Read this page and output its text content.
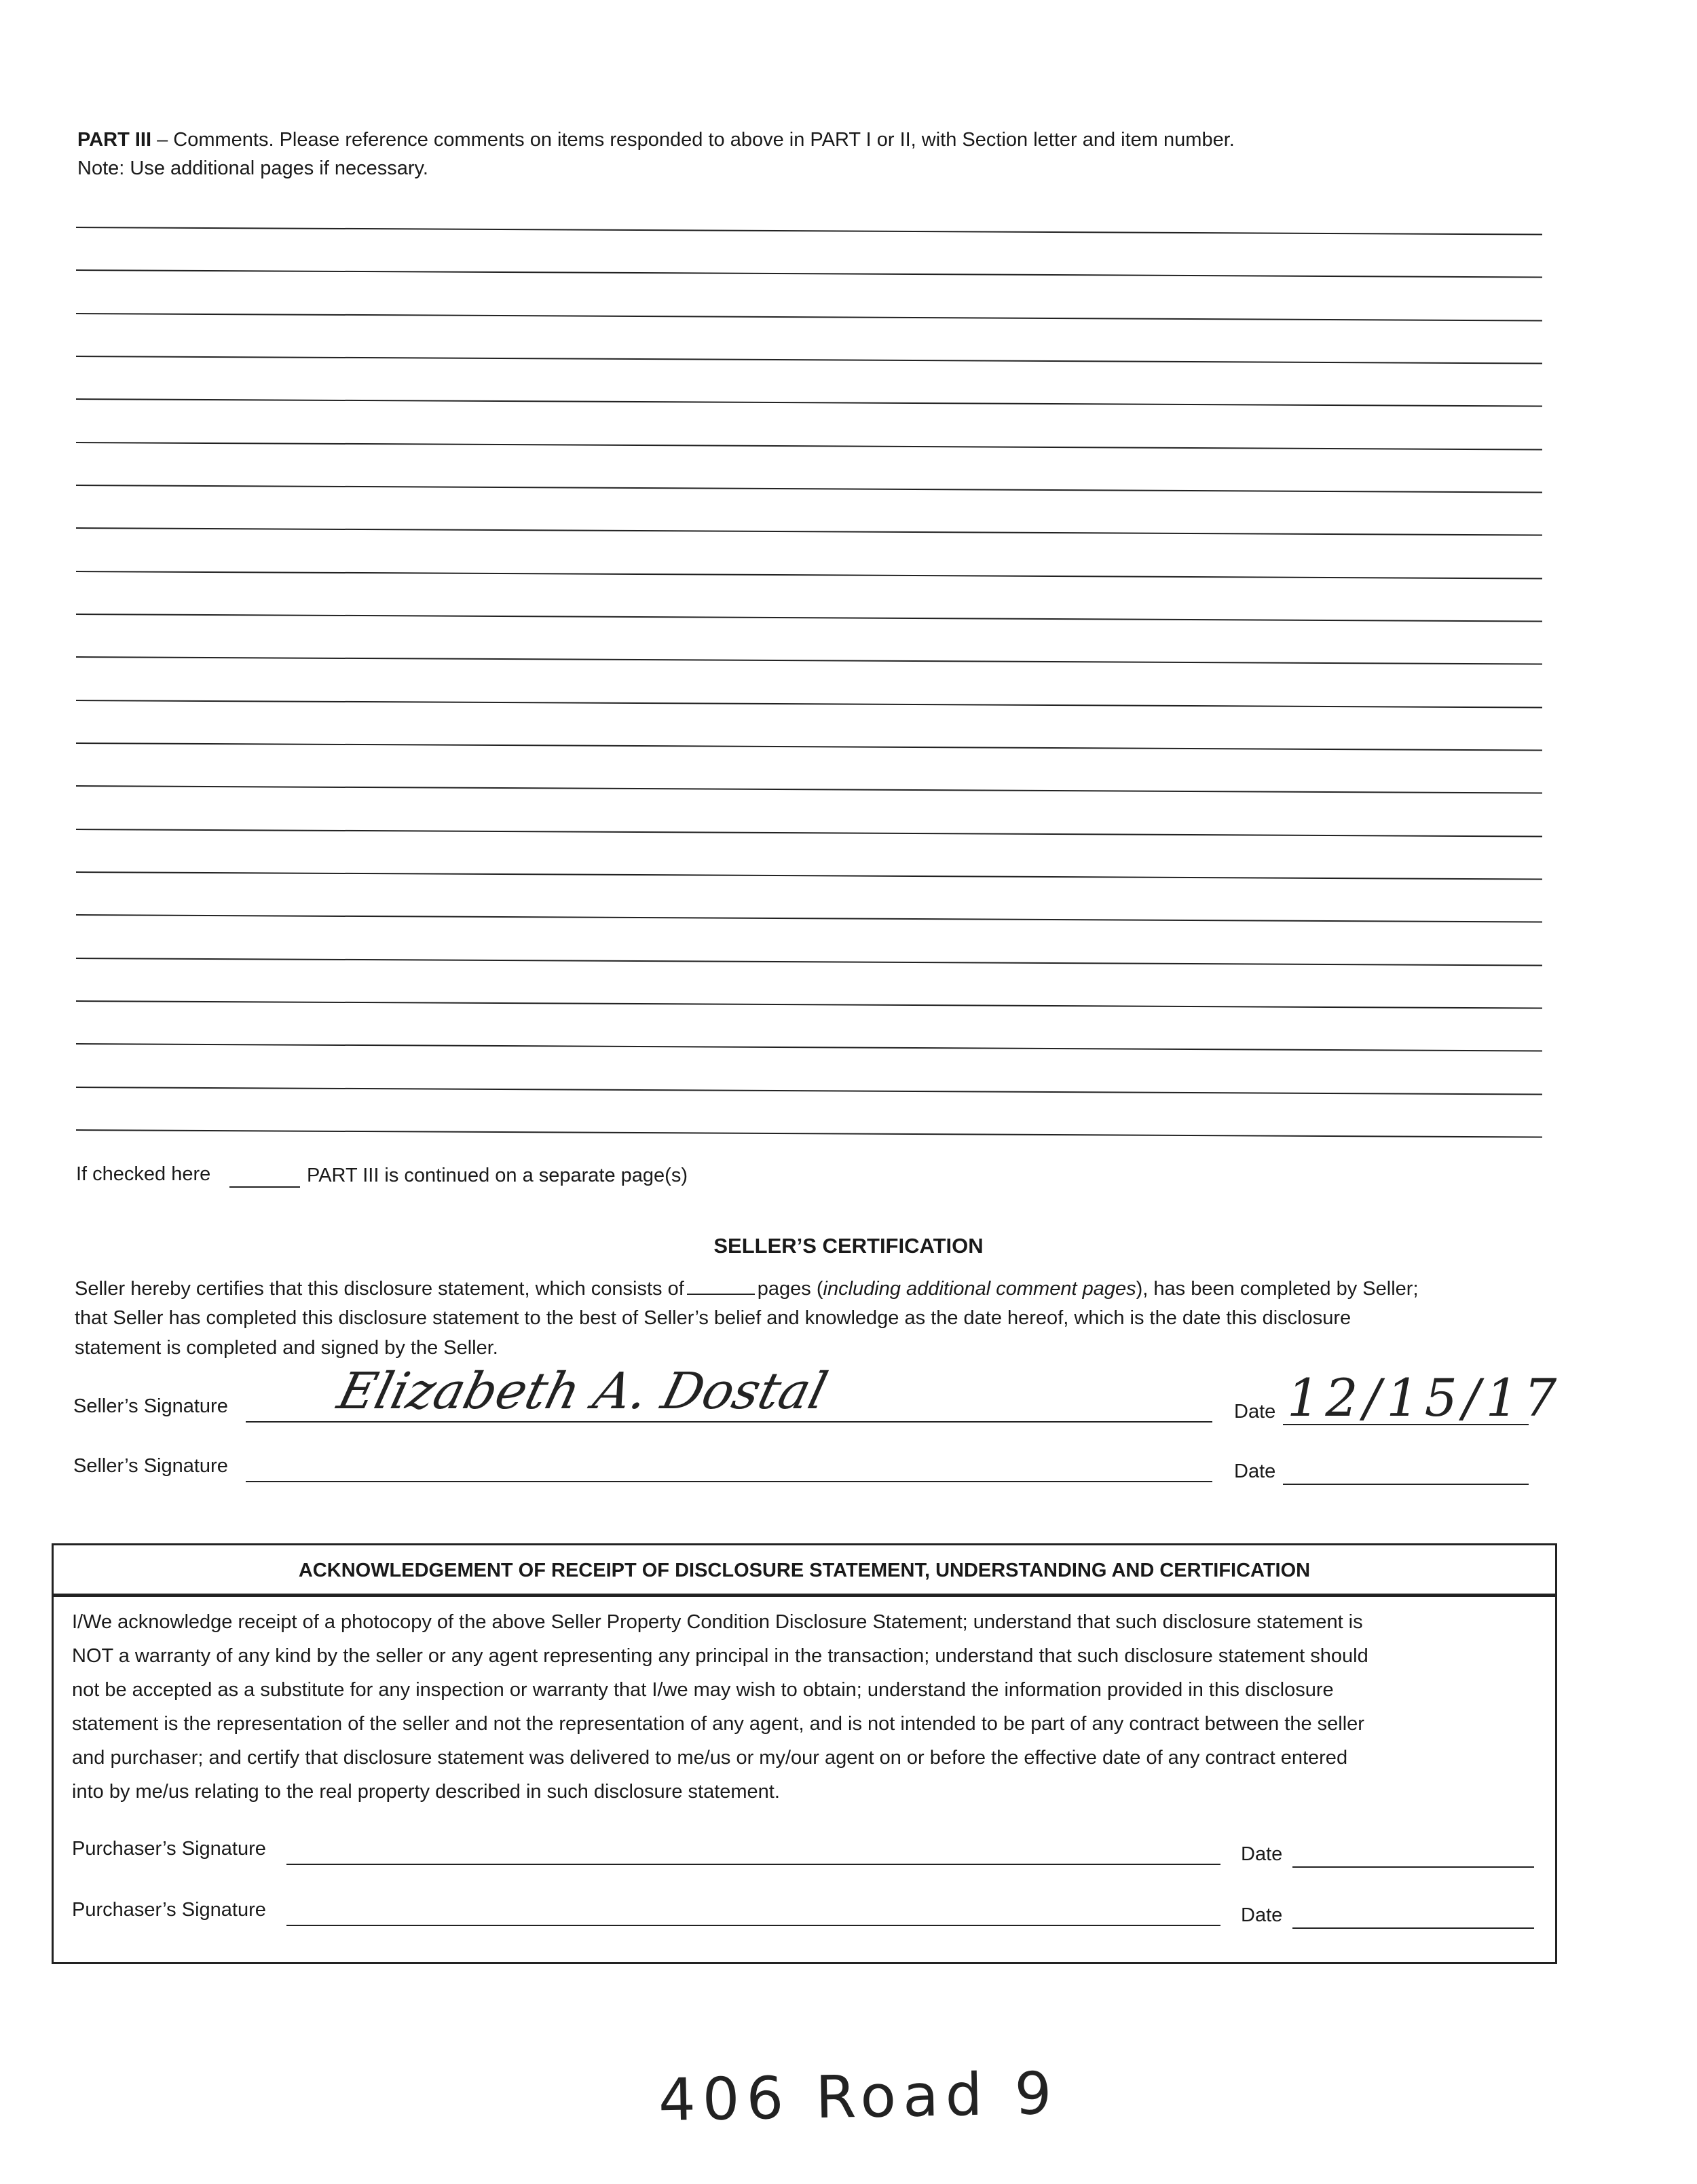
PART III – Comments. Please reference comments on items responded to above in PART I or II, with Section letter and item number.
Note: Use additional pages if necessary.
If checked here	PART III is continued on a separate page(s)
SELLER’S CERTIFICATION
Seller hereby certifies that this disclosure statement, which consists of	pages (including additional comment pages), has been completed by Seller;
that Seller has completed this disclosure statement to the best of Seller’s belief and knowledge as the date hereof, which is the date this disclosure
statement is completed and signed by the Seller.
Seller’s Signature Elizabeth A. Dostal	Date 12/15/17
Seller’s Signature	Date
ACKNOWLEDGEMENT OF RECEIPT OF DISCLOSURE STATEMENT, UNDERSTANDING AND CERTIFICATION
I/We acknowledge receipt of a photocopy of the above Seller Property Condition Disclosure Statement; understand that such disclosure statement is
NOT a warranty of any kind by the seller or any agent representing any principal in the transaction; understand that such disclosure statement should
not be accepted as a substitute for any inspection or warranty that I/we may wish to obtain; understand the information provided in this disclosure
statement is the representation of the seller and not the representation of any agent, and is not intended to be part of any contract between the seller
and purchaser; and certify that disclosure statement was delivered to me/us or my/our agent on or before the effective date of any contract entered
into by me/us relating to the real property described in such disclosure statement.
Purchaser’s Signature	Date
Purchaser’s Signature	Date
406 Road 9
